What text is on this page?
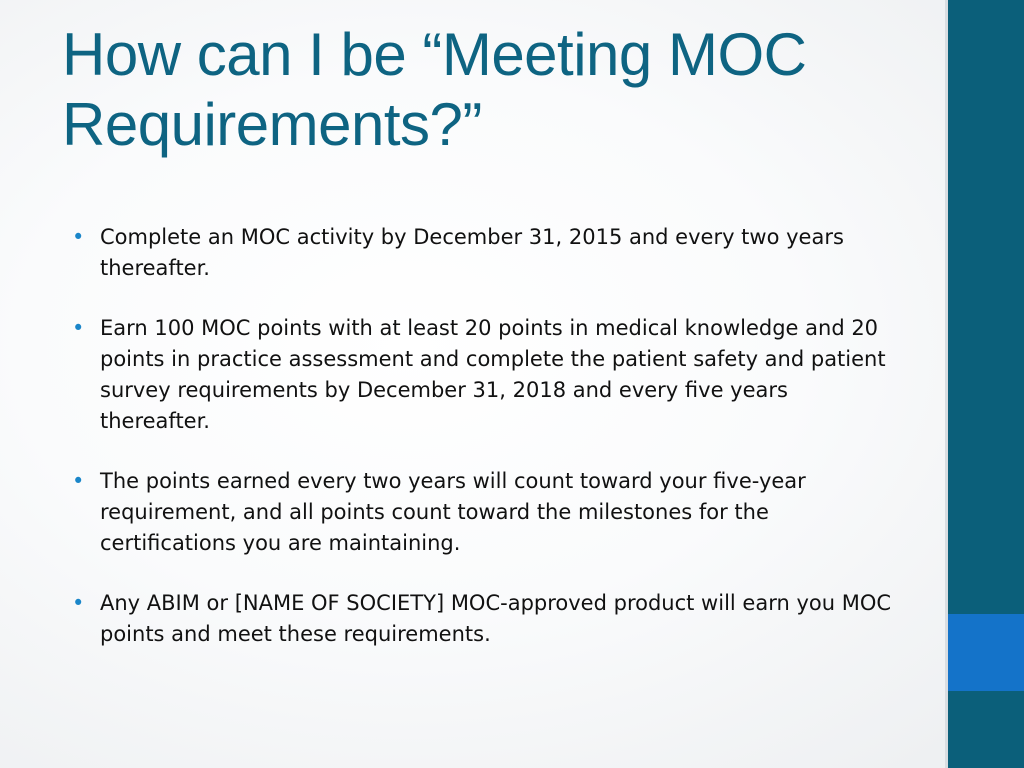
How can I be “Meeting MOC Requirements?”
• Complete an MOC activity by December 31, 2015 and every two years thereafter.
• Earn 100 MOC points with at least 20 points in medical knowledge and 20 points in practice assessment and complete the patient safety and patient survey requirements by December 31, 2018 and every five years thereafter.
• The points earned every two years will count toward your five-year requirement, and all points count toward the milestones for the certifications you are maintaining.
• Any ABIM or [NAME OF SOCIETY] MOC-approved product will earn you MOC points and meet these requirements.
